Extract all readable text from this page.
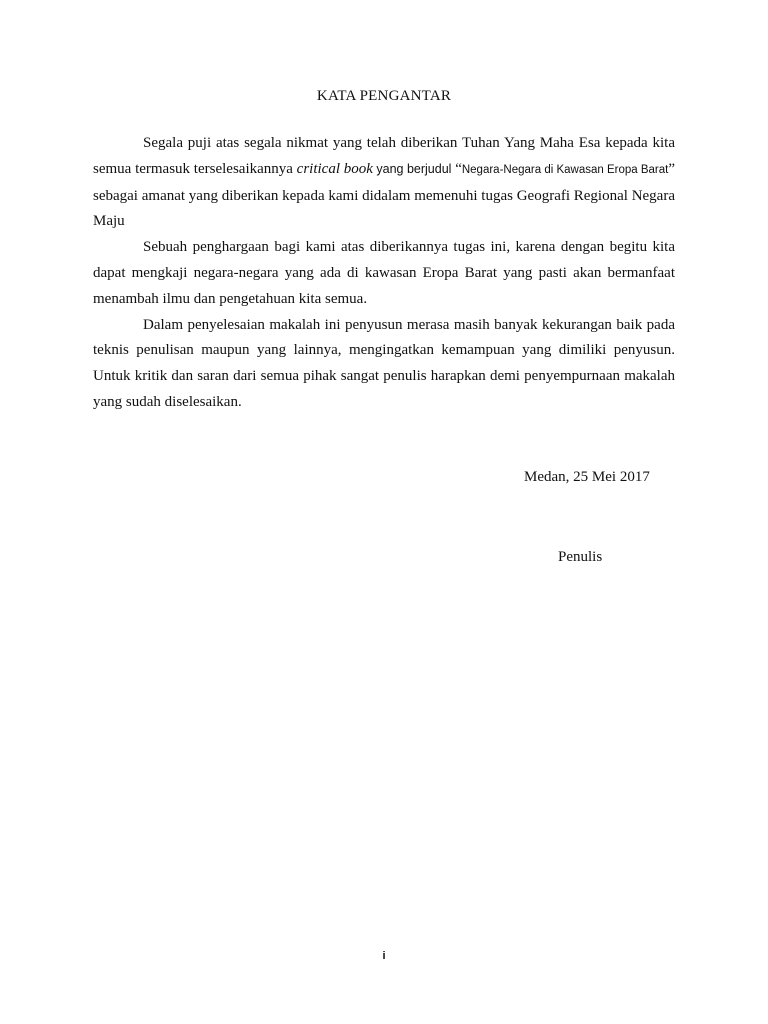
KATA PENGANTAR

Segala puji atas segala nikmat yang telah diberikan Tuhan Yang Maha Esa kepada kita semua termasuk terselesaikannya critical book yang berjudul “Negara-Negara di Kawasan Eropa Barat” sebagai amanat yang diberikan kepada kami didalam memenuhi tugas Geografi Regional Negara Maju

Sebuah penghargaan bagi kami atas diberikannya tugas ini, karena dengan begitu kita dapat mengkaji negara-negara yang ada di kawasan Eropa Barat yang pasti akan bermanfaat menambah ilmu dan pengetahuan kita semua.

Dalam penyelesaian makalah ini penyusun merasa masih banyak kekurangan baik pada teknis penulisan maupun yang lainnya, mengingatkan kemampuan yang dimiliki penyusun. Untuk kritik dan saran dari semua pihak sangat penulis harapkan demi penyempurnaan makalah yang sudah diselesaikan.

Medan, 25 Mei 2017
Penulis
i
